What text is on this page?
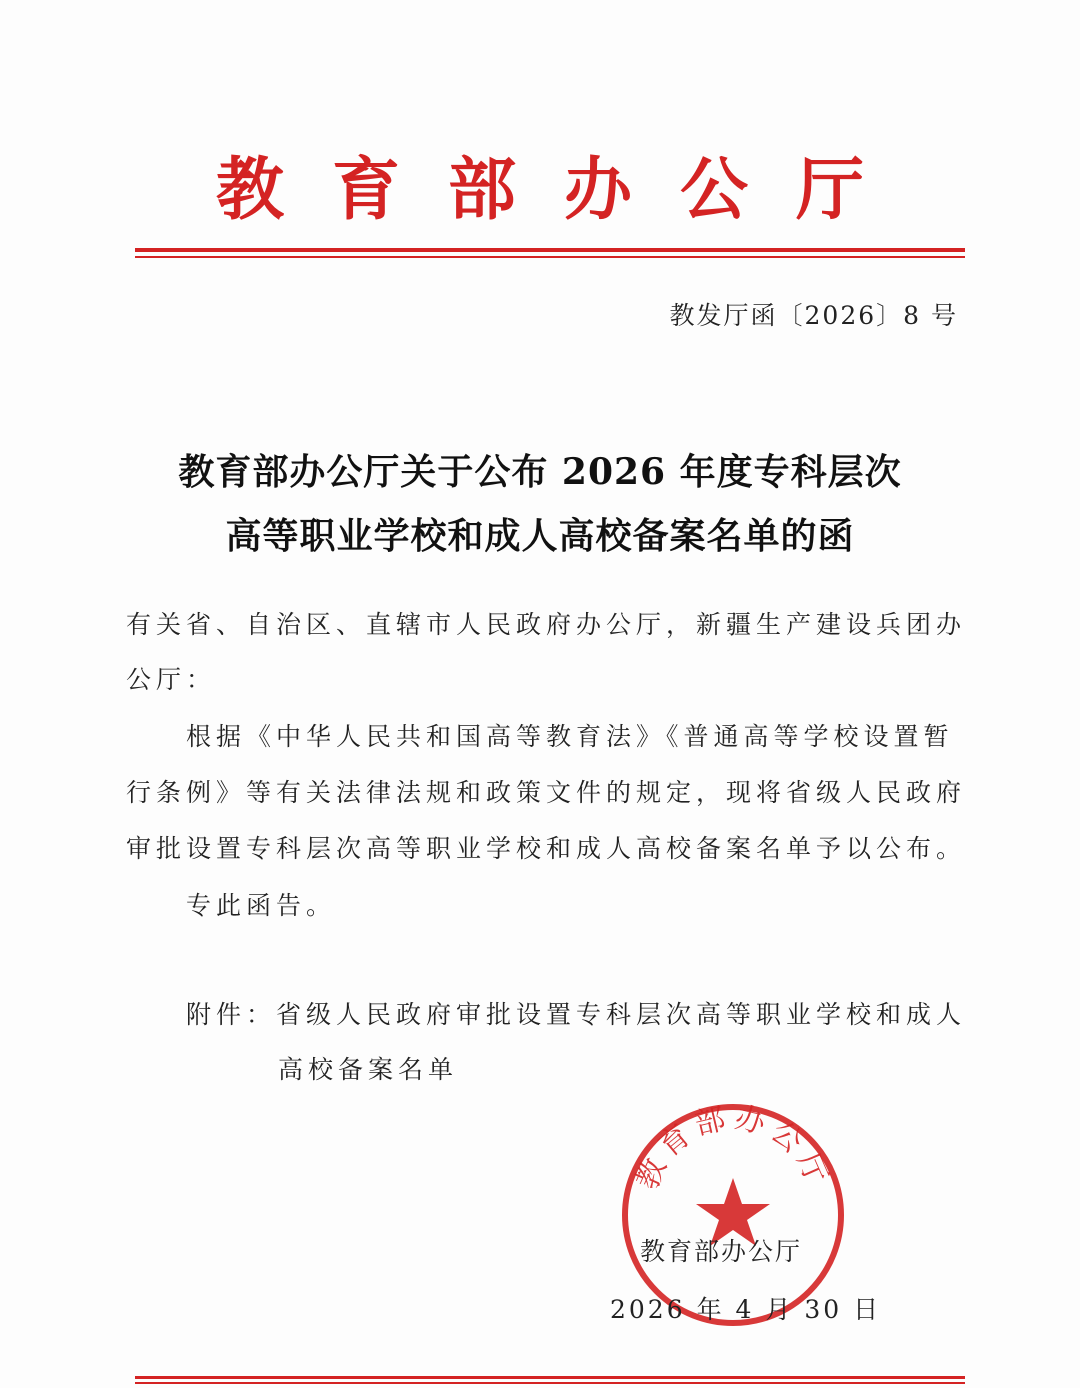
教 育 部 办 公 厅
教发厅函〔2026〕8 号
教育部办公厅关于公布 2026 年度专科层次
高等职业学校和成人高校备案名单的函
有关省、自治区、直辖市人民政府办公厅，新疆生产建设兵团办
公厅：
根据《中华人民共和国高等教育法》《普通高等学校设置暂
行条例》等有关法律法规和政策文件的规定，现将省级人民政府
审批设置专科层次高等职业学校和成人高校备案名单予以公布。
专此函告。
附件：省级人民政府审批设置专科层次高等职业学校和成人
高校备案名单
教育部办公厅
教育部办公厅
2026 年 4 月 30 日
